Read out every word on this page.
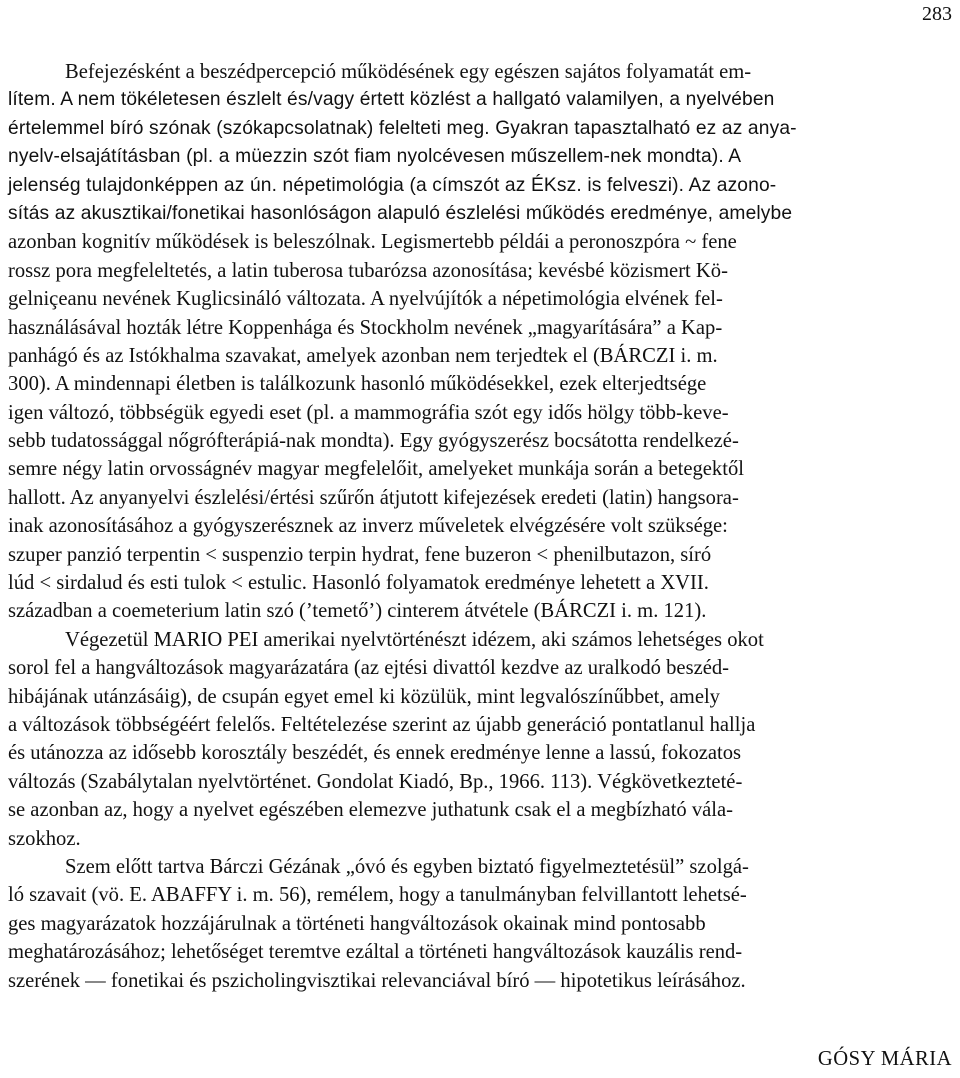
283
Befejezésként a beszédpercepció működésének egy egészen sajátos folyamatát em-
lítem. A nem tökéletesen észlelt és/vagy értett közlést a hallgató valamilyen, a nyelvében
értelemmel bíró szónak (szókapcsolatnak) felelteti meg. Gyakran tapasztalható ez az anya-
nyelv-elsajátításban (pl. a müezzin szót fiam nyolcévesen műszellem-nek mondta). A
jelenség tulajdonképpen az ún. népetimológia (a címszót az ÉKsz. is felveszi). Az azono-
sítás az akusztikai/fonetikai hasonlóságon alapuló észlelési működés eredménye, amelybe
azonban kognitív működések is beleszólnak. Legismertebb példái a peronoszpóra ~ fene
rossz pora megfeleltetés, a latin tuberosa tubarózsa azonosítása; kevésbé közismert Kö-
gelniçeanu nevének Kuglicsináló változata. A nyelvújítók a népetimológia elvének fel-
használásával hozták létre Koppenhága és Stockholm nevének „magyarítására” a Kap-
panhágó és az Istókhalma szavakat, amelyek azonban nem terjedtek el (BÁRCZI i. m.
300). A mindennapi életben is találkozunk hasonló működésekkel, ezek elterjedtsége
igen változó, többségük egyedi eset (pl. a mammográfia szót egy idős hölgy több-keve-
sebb tudatossággal nőgrófterápiá-nak mondta). Egy gyógyszerész bocsátotta rendelkezé-
semre négy latin orvosságnév magyar megfelelőit, amelyeket munkája során a betegektől
hallott. Az anyanyelvi észlelési/értési szűrőn átjutott kifejezések eredeti (latin) hangsora-
inak azonosításához a gyógyszerésznek az inverz műveletek elvégzésére volt szüksége:
szuper panzió terpentin < suspenzio terpin hydrat, fene buzeron < phenilbutazon, síró
lúd < sirdalud és esti tulok < estulic. Hasonló folyamatok eredménye lehetett a XVII.
században a coemeterium latin szó (’temető’) cinterem átvétele (BÁRCZI i. m. 121).
Végezetül MARIO PEI amerikai nyelvtörténészt idézem, aki számos lehetséges okot
sorol fel a hangváltozások magyarázatára (az ejtési divattól kezdve az uralkodó beszéd-
hibájának utánzásáig), de csupán egyet emel ki közülük, mint legvalószínűbbet, amely
a változások többségéért felelős. Feltételezése szerint az újabb generáció pontatlanul hallja
és utánozza az idősebb korosztály beszédét, és ennek eredménye lenne a lassú, fokozatos
változás (Szabálytalan nyelvtörténet. Gondolat Kiadó, Bp., 1966. 113). Végkövetkezteté-
se azonban az, hogy a nyelvet egészében elemezve juthatunk csak el a megbízható vála-
szokhoz.
Szem előtt tartva Bárczi Gézának „óvó és egyben biztató figyelmeztetésül” szolgá-
ló szavait (vö. E. ABAFFY i. m. 56), remélem, hogy a tanulmányban felvillantott lehetsé-
ges magyarázatok hozzájárulnak a történeti hangváltozások okainak mind pontosabb
meghatározásához; lehetőséget teremtve ezáltal a történeti hangváltozások kauzális rend-
szerének — fonetikai és pszicholingvisztikai relevanciával bíró — hipotetikus leírásához.
GÓSY MÁRIA
